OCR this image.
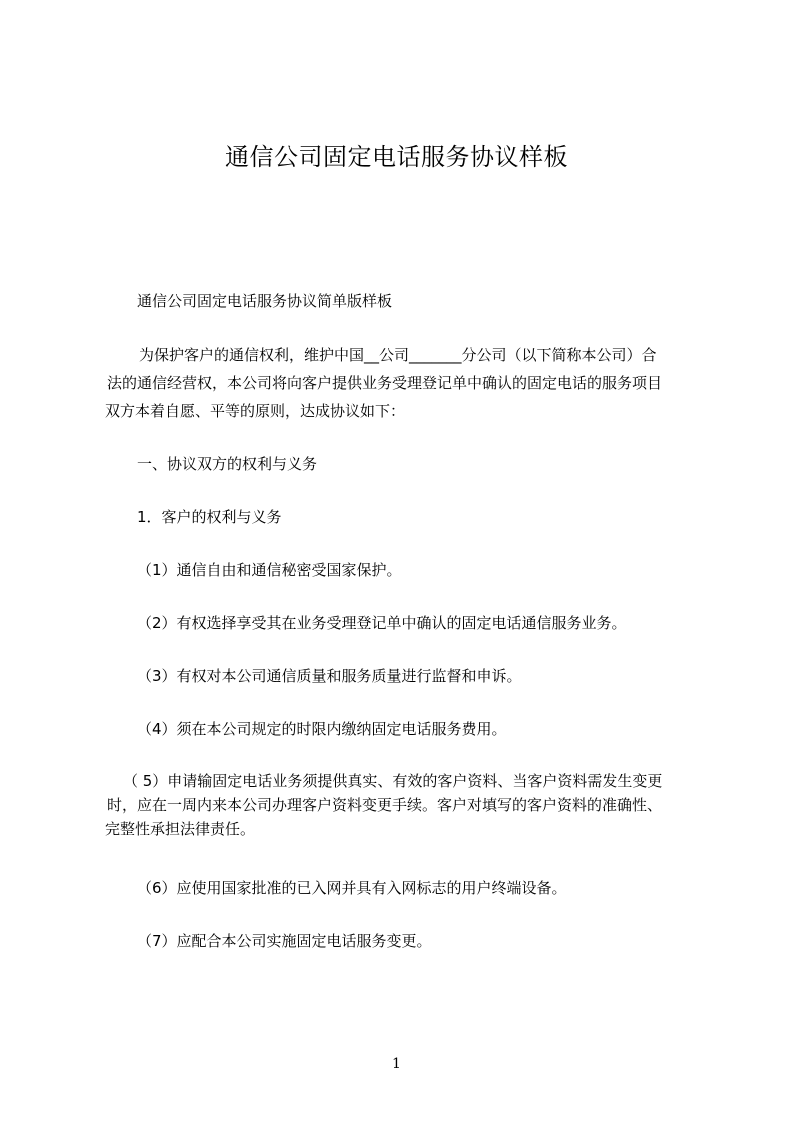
通信公司固定电话服务协议样板
通信公司固定电话服务协议简单版样板
为保护客户的通信权利，维护中国__公司_______分公司（以下简称本公司）合
法的通信经营权，本公司将向客户提供业务受理登记单中确认的固定电话的服务项目
双方本着自愿、平等的原则，达成协议如下：
一、协议双方的权利与义务
1．客户的权利与义务
（1）通信自由和通信秘密受国家保护。
（2）有权选择享受其在业务受理登记单中确认的固定电话通信服务业务。
（3）有权对本公司通信质量和服务质量进行监督和申诉。
（4）须在本公司规定的时限内缴纳固定电话服务费用。
（ 5）申请输固定电话业务须提供真实、有效的客户资料、当客户资料需发生变更
时，应在一周内来本公司办理客户资料变更手续。客户对填写的客户资料的准确性、
完整性承担法律责任。
（6）应使用国家批准的已入网并具有入网标志的用户终端设备。
（7）应配合本公司实施固定电话服务变更。
1
